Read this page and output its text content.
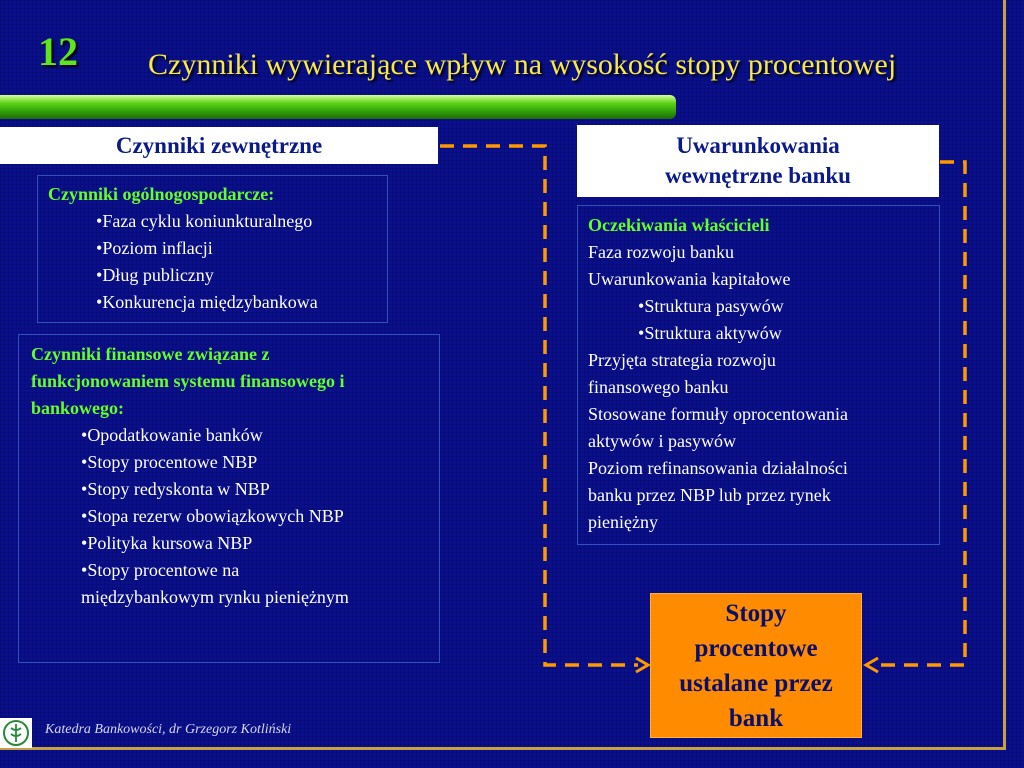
12 Czynniki wywierające wpływ na wysokość stopy procentowej
Czynniki zewnętrzne	Uwarunkowania
wewnętrzne banku
Czynniki ogólnogospodarcze:
•Faza cyklu koniunkturalnego
•Poziom inflacji
•Dług publiczny
•Konkurencja międzybankowa
Czynniki finansowe związane z
funkcjonowaniem systemu finansowego i
bankowego:
•Opodatkowanie banków
•Stopy procentowe NBP
•Stopy redyskonta w NBP
•Stopa rezerw obowiązkowych NBP
•Polityka kursowa NBP
•Stopy procentowe na
międzybankowym rynku pieniężnym
Oczekiwania właścicieli
Faza rozwoju banku
Uwarunkowania kapitałowe
•Struktura pasywów
•Struktura aktywów
Przyjęta strategia rozwoju
finansowego banku
Stosowane formuły oprocentowania
aktywów i pasywów
Poziom refinansowania działalności
banku przez NBP lub przez rynek
pieniężny
Stopy
procentowe
ustalane przez
bank
Katedra Bankowości, dr Grzegorz Kotliński
